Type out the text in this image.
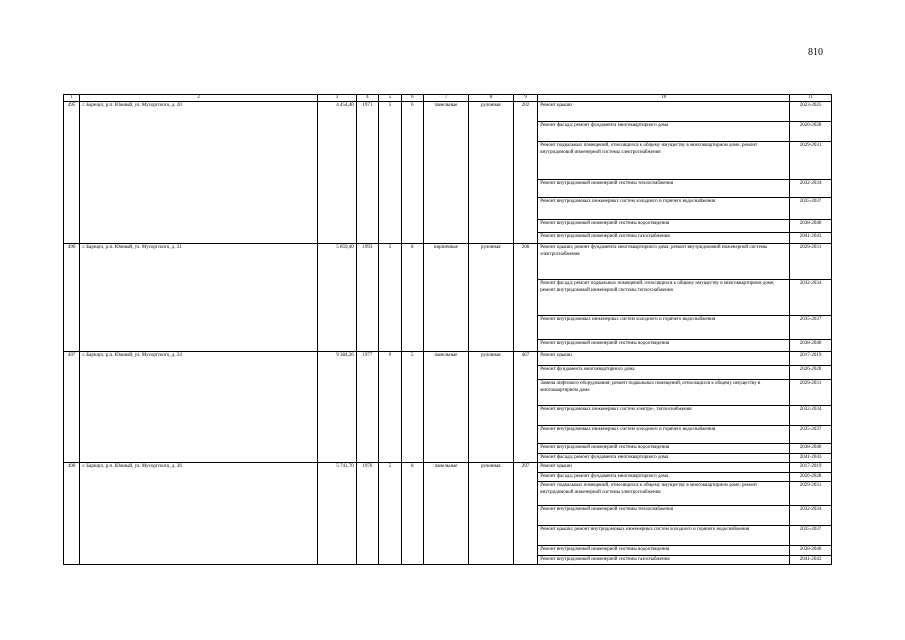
810
1	2	3	4	5	6	7	8	9	10	11
495	г. Барнаул, р.п. Южный, ул. Мусоргского, д. 20	4 454,40	1971	5	6	панельные	рулонная	202	Ремонт крыши	2023-2025
									Ремонт фасада; ремонт фундамента многоквартирного дома	2026-2028
									Ремонт подвальных помещений, относящихся к общему имуществу в многоквартирном доме; ремонт внутридомовой инженерной системы электроснабжения	2029-2031
									Ремонт внутридомовой инженерной системы теплоснабжения	2032-2034
									Ремонт внутридомовых инженерных систем холодного и горячего водоснабжения	2035-2037
									Ремонт внутридомовой инженерной системы водоотведения	2038-2040
									Ремонт внутридомовой инженерной системы газоснабжения	2041-2043
496	г. Барнаул, р.п. Южный, ул. Мусоргского, д. 21	5 859,40	1993	5	8	кирпичные	рулонная	206	Ремонт крыши; ремонт фундамента многоквартирного дома; ремонт внутридомовой инженерной системы электроснабжения	2029-2031
									Ремонт фасада; ремонт подвальных помещений, относящихся к общему имуществу в многоквартирном доме; ремонт внутридомовой инженерной системы теплоснабжения	2032-2034
									Ремонт внутридомовых инженерных систем холодного и горячего водоснабжения	2035-2037
									Ремонт внутридомовой инженерной системы водоотведения	2038-2040
497	г. Барнаул, р.п. Южный, ул. Мусоргского, д. 24	9 384,20	1977	9	5	панельные	рулонная	467	Ремонт крыши	2017-2019
									Ремонт фундамента многоквартирного дома	2026-2028
									Замена лифтового оборудования; ремонт подвальных помещений, относящихся к общему имуществу в многоквартирном доме	2029-2031
									Ремонт внутридомовых инженерных систем электро-, теплоснабжения	2032-2034
									Ремонт внутридомовых инженерных систем холодного и горячего водоснабжения	2035-2037
									Ремонт внутридомовой инженерной системы водоотведения	2038-2040
									Ремонт фасада; ремонт фундамента многоквартирного дома	2041-2043
498	г. Барнаул, р.п. Южный, ул. Мусоргского, д. 26	5 741,70	1976	5	8	панельные	рулонная	297	Ремонт крыши	2017-2019
									Ремонт фасада; ремонт фундамента многоквартирного дома	2026-2028
									Ремонт подвальных помещений, относящихся к общему имуществу в многоквартирном доме; ремонт внутридомовой инженерной системы электроснабжения	2029-2031
									Ремонт внутридомовой инженерной системы теплоснабжения	2032-2034
									Ремонт крыши; ремонт внутридомовых инженерных систем холодного и горячего водоснабжения	2035-2037
									Ремонт внутридомовой инженерной системы водоотведения	2038-2040
									Ремонт внутридомовой инженерной системы газоснабжения	2041-2043
